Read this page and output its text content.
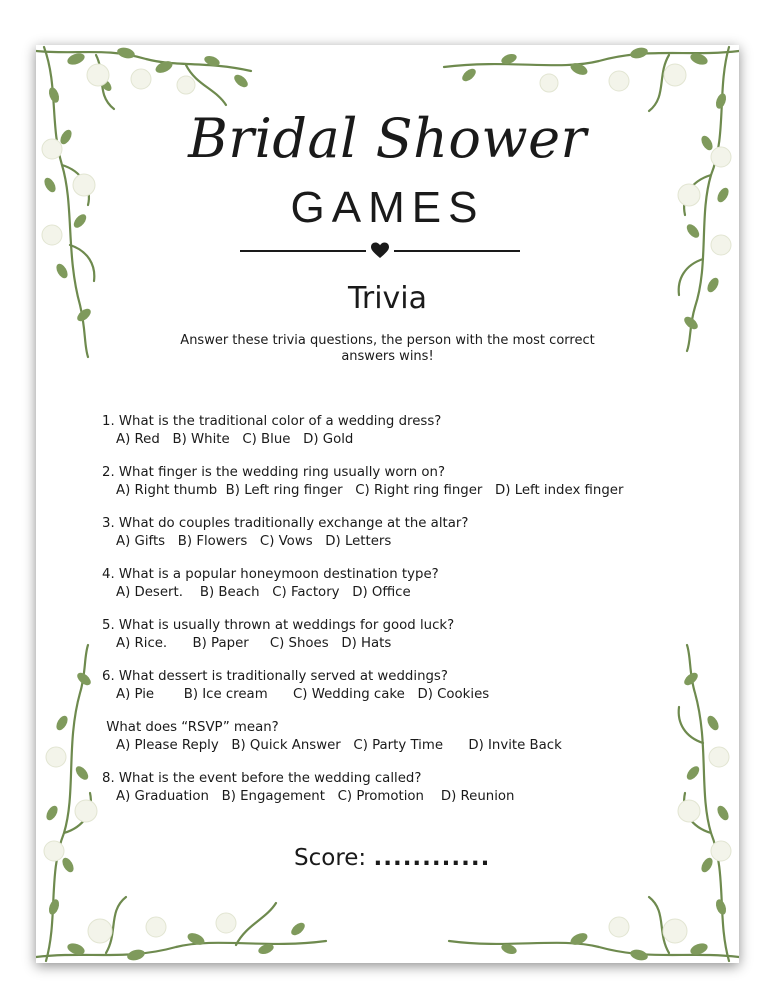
Bridal Shower
GAMES
Trivia
Answer these trivia questions, the person with the most correct answers wins!
1. What is the traditional color of a wedding dress?
A) Red   B) White   C) Blue   D) Gold
2. What finger is the wedding ring usually worn on?
A) Right thumb  B) Left ring finger   C) Right ring finger   D) Left index finger
3. What do couples traditionally exchange at the altar?
A) Gifts   B) Flowers   C) Vows   D) Letters
4. What is a popular honeymoon destination type?
A) Desert.    B) Beach   C) Factory   D) Office
5. What is usually thrown at weddings for good luck?
A) Rice.      B) Paper     C) Shoes   D) Hats
6. What dessert is traditionally served at weddings?
A) Pie       B) Ice cream      C) Wedding cake   D) Cookies
What does “RSVP” mean?
A) Please Reply   B) Quick Answer   C) Party Time      D) Invite Back
8. What is the event before the wedding called?
A) Graduation   B) Engagement   C) Promotion    D) Reunion
Score: ............
